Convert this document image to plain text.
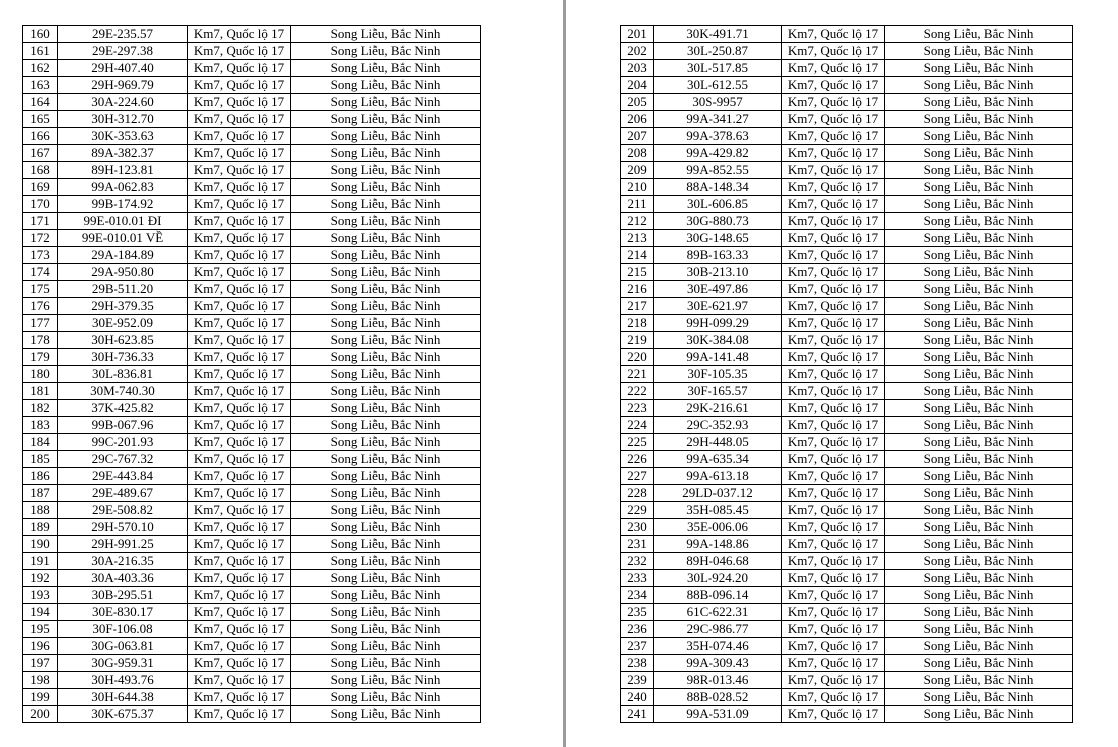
160	29E-235.57	Km7, Quốc lộ 17	Song Liễu, Bắc Ninh
161	29E-297.38	Km7, Quốc lộ 17	Song Liễu, Bắc Ninh
162	29H-407.40	Km7, Quốc lộ 17	Song Liễu, Bắc Ninh
163	29H-969.79	Km7, Quốc lộ 17	Song Liễu, Bắc Ninh
164	30A-224.60	Km7, Quốc lộ 17	Song Liễu, Bắc Ninh
165	30H-312.70	Km7, Quốc lộ 17	Song Liễu, Bắc Ninh
166	30K-353.63	Km7, Quốc lộ 17	Song Liễu, Bắc Ninh
167	89A-382.37	Km7, Quốc lộ 17	Song Liễu, Bắc Ninh
168	89H-123.81	Km7, Quốc lộ 17	Song Liễu, Bắc Ninh
169	99A-062.83	Km7, Quốc lộ 17	Song Liễu, Bắc Ninh
170	99B-174.92	Km7, Quốc lộ 17	Song Liễu, Bắc Ninh
171	99E-010.01 ĐI	Km7, Quốc lộ 17	Song Liễu, Bắc Ninh
172	99E-010.01 VỀ	Km7, Quốc lộ 17	Song Liễu, Bắc Ninh
173	29A-184.89	Km7, Quốc lộ 17	Song Liễu, Bắc Ninh
174	29A-950.80	Km7, Quốc lộ 17	Song Liễu, Bắc Ninh
175	29B-511.20	Km7, Quốc lộ 17	Song Liễu, Bắc Ninh
176	29H-379.35	Km7, Quốc lộ 17	Song Liễu, Bắc Ninh
177	30E-952.09	Km7, Quốc lộ 17	Song Liễu, Bắc Ninh
178	30H-623.85	Km7, Quốc lộ 17	Song Liễu, Bắc Ninh
179	30H-736.33	Km7, Quốc lộ 17	Song Liễu, Bắc Ninh
180	30L-836.81	Km7, Quốc lộ 17	Song Liễu, Bắc Ninh
181	30M-740.30	Km7, Quốc lộ 17	Song Liễu, Bắc Ninh
182	37K-425.82	Km7, Quốc lộ 17	Song Liễu, Bắc Ninh
183	99B-067.96	Km7, Quốc lộ 17	Song Liễu, Bắc Ninh
184	99C-201.93	Km7, Quốc lộ 17	Song Liễu, Bắc Ninh
185	29C-767.32	Km7, Quốc lộ 17	Song Liễu, Bắc Ninh
186	29E-443.84	Km7, Quốc lộ 17	Song Liễu, Bắc Ninh
187	29E-489.67	Km7, Quốc lộ 17	Song Liễu, Bắc Ninh
188	29E-508.82	Km7, Quốc lộ 17	Song Liễu, Bắc Ninh
189	29H-570.10	Km7, Quốc lộ 17	Song Liễu, Bắc Ninh
190	29H-991.25	Km7, Quốc lộ 17	Song Liễu, Bắc Ninh
191	30A-216.35	Km7, Quốc lộ 17	Song Liễu, Bắc Ninh
192	30A-403.36	Km7, Quốc lộ 17	Song Liễu, Bắc Ninh
193	30B-295.51	Km7, Quốc lộ 17	Song Liễu, Bắc Ninh
194	30E-830.17	Km7, Quốc lộ 17	Song Liễu, Bắc Ninh
195	30F-106.08	Km7, Quốc lộ 17	Song Liễu, Bắc Ninh
196	30G-063.81	Km7, Quốc lộ 17	Song Liễu, Bắc Ninh
197	30G-959.31	Km7, Quốc lộ 17	Song Liễu, Bắc Ninh
198	30H-493.76	Km7, Quốc lộ 17	Song Liễu, Bắc Ninh
199	30H-644.38	Km7, Quốc lộ 17	Song Liễu, Bắc Ninh
200	30K-675.37	Km7, Quốc lộ 17	Song Liễu, Bắc Ninh
201	30K-491.71	Km7, Quốc lộ 17	Song Liễu, Bắc Ninh
202	30L-250.87	Km7, Quốc lộ 17	Song Liễu, Bắc Ninh
203	30L-517.85	Km7, Quốc lộ 17	Song Liễu, Bắc Ninh
204	30L-612.55	Km7, Quốc lộ 17	Song Liễu, Bắc Ninh
205	30S-9957	Km7, Quốc lộ 17	Song Liễu, Bắc Ninh
206	99A-341.27	Km7, Quốc lộ 17	Song Liễu, Bắc Ninh
207	99A-378.63	Km7, Quốc lộ 17	Song Liễu, Bắc Ninh
208	99A-429.82	Km7, Quốc lộ 17	Song Liễu, Bắc Ninh
209	99A-852.55	Km7, Quốc lộ 17	Song Liễu, Bắc Ninh
210	88A-148.34	Km7, Quốc lộ 17	Song Liễu, Bắc Ninh
211	30L-606.85	Km7, Quốc lộ 17	Song Liễu, Bắc Ninh
212	30G-880.73	Km7, Quốc lộ 17	Song Liễu, Bắc Ninh
213	30G-148.65	Km7, Quốc lộ 17	Song Liễu, Bắc Ninh
214	89B-163.33	Km7, Quốc lộ 17	Song Liễu, Bắc Ninh
215	30B-213.10	Km7, Quốc lộ 17	Song Liễu, Bắc Ninh
216	30E-497.86	Km7, Quốc lộ 17	Song Liễu, Bắc Ninh
217	30E-621.97	Km7, Quốc lộ 17	Song Liễu, Bắc Ninh
218	99H-099.29	Km7, Quốc lộ 17	Song Liễu, Bắc Ninh
219	30K-384.08	Km7, Quốc lộ 17	Song Liễu, Bắc Ninh
220	99A-141.48	Km7, Quốc lộ 17	Song Liễu, Bắc Ninh
221	30F-105.35	Km7, Quốc lộ 17	Song Liễu, Bắc Ninh
222	30F-165.57	Km7, Quốc lộ 17	Song Liễu, Bắc Ninh
223	29K-216.61	Km7, Quốc lộ 17	Song Liễu, Bắc Ninh
224	29C-352.93	Km7, Quốc lộ 17	Song Liễu, Bắc Ninh
225	29H-448.05	Km7, Quốc lộ 17	Song Liễu, Bắc Ninh
226	99A-635.34	Km7, Quốc lộ 17	Song Liễu, Bắc Ninh
227	99A-613.18	Km7, Quốc lộ 17	Song Liễu, Bắc Ninh
228	29LD-037.12	Km7, Quốc lộ 17	Song Liễu, Bắc Ninh
229	35H-085.45	Km7, Quốc lộ 17	Song Liễu, Bắc Ninh
230	35E-006.06	Km7, Quốc lộ 17	Song Liễu, Bắc Ninh
231	99A-148.86	Km7, Quốc lộ 17	Song Liễu, Bắc Ninh
232	89H-046.68	Km7, Quốc lộ 17	Song Liễu, Bắc Ninh
233	30L-924.20	Km7, Quốc lộ 17	Song Liễu, Bắc Ninh
234	88B-096.14	Km7, Quốc lộ 17	Song Liễu, Bắc Ninh
235	61C-622.31	Km7, Quốc lộ 17	Song Liễu, Bắc Ninh
236	29C-986.77	Km7, Quốc lộ 17	Song Liễu, Bắc Ninh
237	35H-074.46	Km7, Quốc lộ 17	Song Liễu, Bắc Ninh
238	99A-309.43	Km7, Quốc lộ 17	Song Liễu, Bắc Ninh
239	98R-013.46	Km7, Quốc lộ 17	Song Liễu, Bắc Ninh
240	88B-028.52	Km7, Quốc lộ 17	Song Liễu, Bắc Ninh
241	99A-531.09	Km7, Quốc lộ 17	Song Liễu, Bắc Ninh
